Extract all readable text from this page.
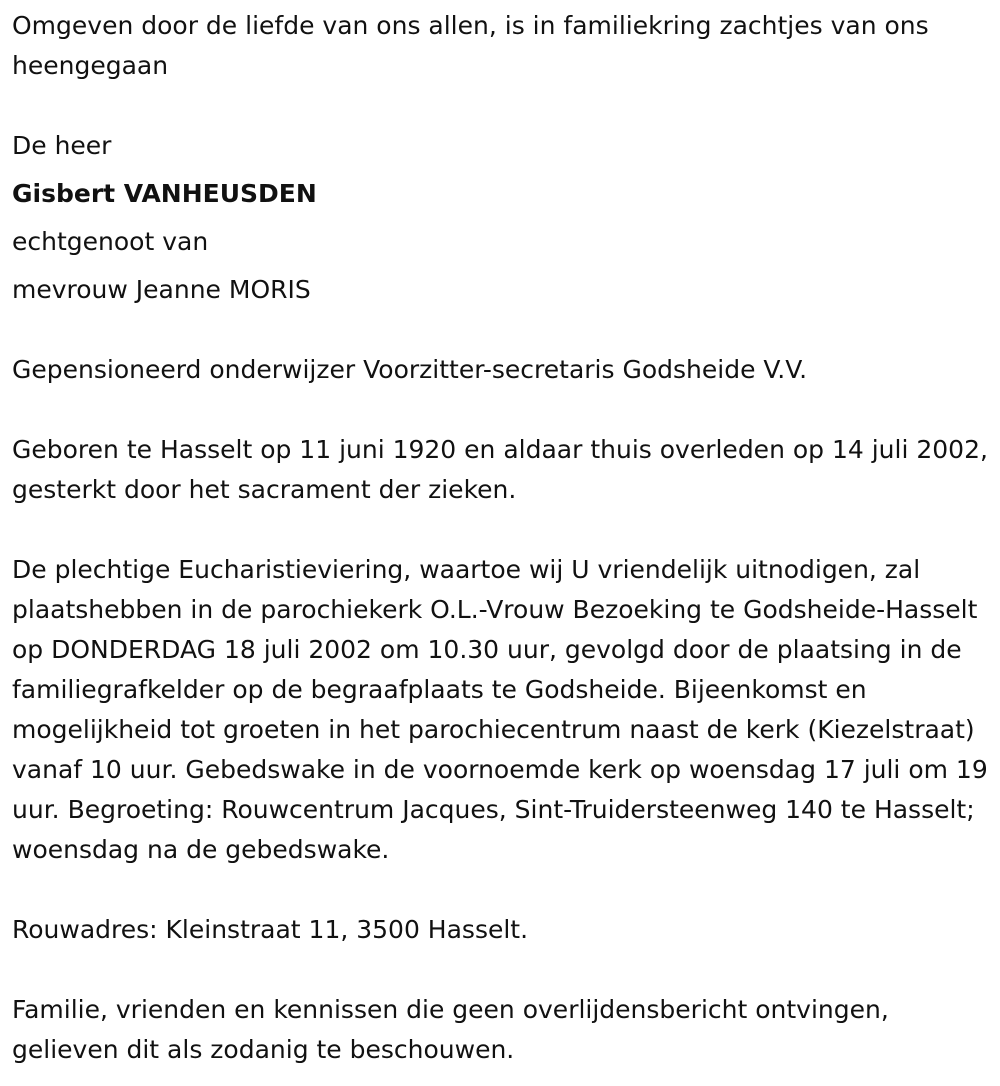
Omgeven door de liefde van ons allen, is in familiekring zachtjes van ons heengegaan

De heer

Gisbert VANHEUSDEN

echtgenoot van

mevrouw Jeanne MORIS

Gepensioneerd onderwijzer Voorzitter-secretaris Godsheide V.V.

Geboren te Hasselt op 11 juni 1920 en aldaar thuis overleden op 14 juli 2002, gesterkt door het sacrament der zieken.

De plechtige Eucharistieviering, waartoe wij U vriendelijk uitnodigen, zal plaatshebben in de parochiekerk O.L.-Vrouw Bezoeking te Godsheide-Hasselt op DONDERDAG 18 juli 2002 om 10.30 uur, gevolgd door de plaatsing in de familiegrafkelder op de begraafplaats te Godsheide. Bijeenkomst en mogelijkheid tot groeten in het parochiecentrum naast de kerk (Kiezelstraat) vanaf 10 uur. Gebedswake in de voornoemde kerk op woensdag 17 juli om 19 uur. Begroeting: Rouwcentrum Jacques, Sint-Truidersteenweg 140 te Hasselt; woensdag na de gebedswake.

Rouwadres: Kleinstraat 11, 3500 Hasselt.

Familie, vrienden en kennissen die geen overlijdensbericht ontvingen, gelieven dit als zodanig te beschouwen.
